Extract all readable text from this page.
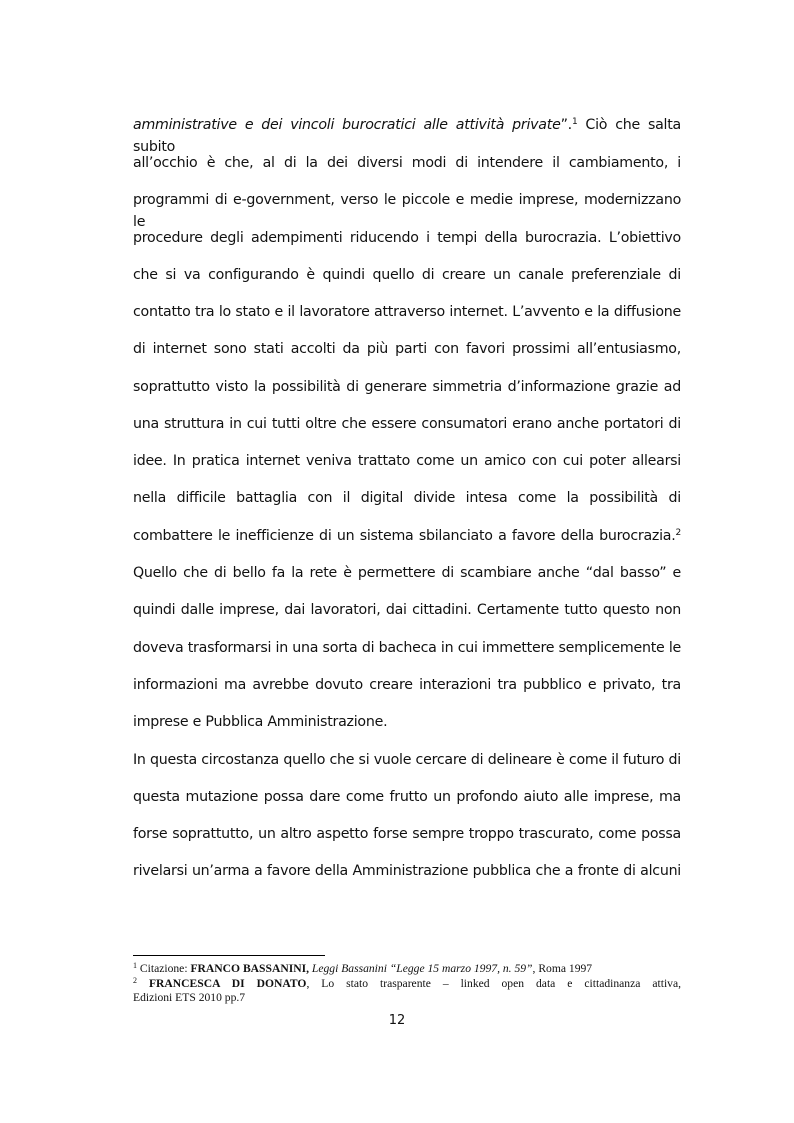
amministrative e dei vincoli burocratici alle attività private”.$^1$ Ciò che salta subito
all’occhio è che, al di la dei diversi modi di intendere il cambiamento, i
programmi di e-government, verso le piccole e medie imprese, modernizzano le
procedure degli adempimenti riducendo i tempi della burocrazia. L’obiettivo
che si va configurando è quindi quello di creare un canale preferenziale di
contatto tra lo stato e il lavoratore attraverso internet. L’avvento e la diffusione
di internet sono stati accolti da più parti con favori prossimi all’entusiasmo,
soprattutto visto la possibilità di generare simmetria d’informazione grazie ad
una struttura in cui tutti oltre che essere consumatori erano anche portatori di
idee. In pratica internet veniva trattato come un amico con cui poter allearsi
nella difficile battaglia con il digital divide intesa come la possibilità di
combattere le inefficienze di un sistema sbilanciato a favore della burocrazia.$^2$
Quello che di bello fa la rete è permettere di scambiare anche “dal basso” e
quindi dalle imprese, dai lavoratori, dai cittadini. Certamente tutto questo non
doveva trasformarsi in una sorta di bacheca in cui immettere semplicemente le
informazioni ma avrebbe dovuto creare interazioni tra pubblico e privato, tra
imprese e Pubblica Amministrazione.
In questa circostanza quello che si vuole cercare di delineare è come il futuro di
questa mutazione possa dare come frutto un profondo aiuto alle imprese, ma
forse soprattutto, un altro aspetto forse sempre troppo trascurato, come possa
rivelarsi un’arma a favore della Amministrazione pubblica che a fronte di alcuni
$^1$ Citazione: FRANCO BASSANINI, Leggi Bassanini “Legge 15 marzo 1997, n. 59”, Roma 1997
$^2$ FRANCESCA DI DONATO, Lo stato trasparente – linked open data e cittadinanza attiva,
Edizioni ETS 2010 pp.7
12
